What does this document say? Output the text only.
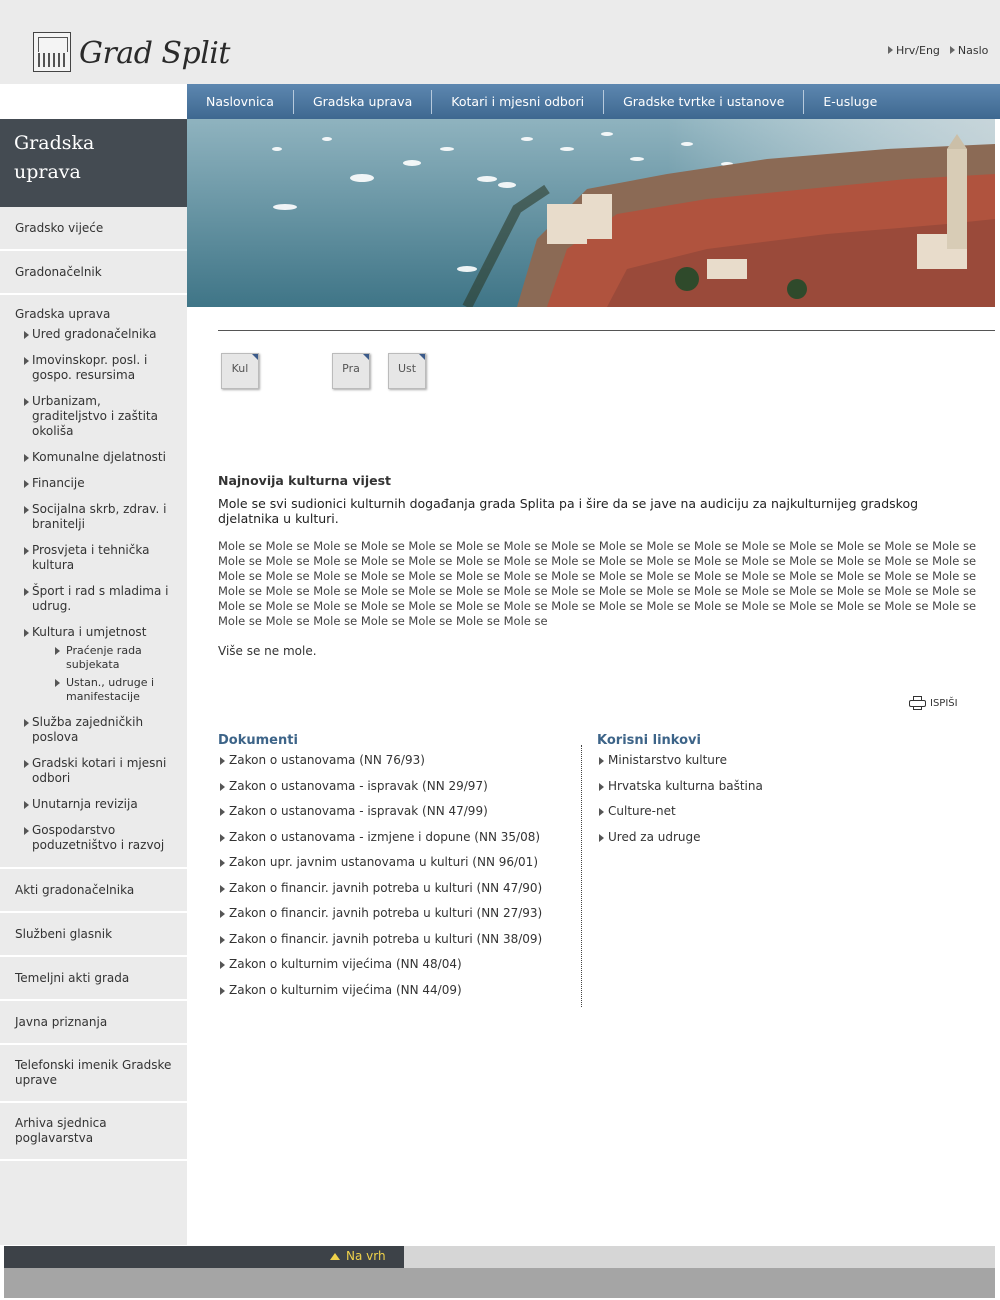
Grad Split	Hrv/Eng	Naslo
Naslovnica	Gradska uprava	Kotari i mjesni odbori	Gradske tvrtke i ustanove	E-usluge
Gradska
uprava
Gradsko vijeće
Gradonačelnik
Gradska uprava
Ured gradonačelnika
Imovinskopr. posl. i gospo. resursima
Urbanizam, graditeljstvo i zaštita okoliša
Komunalne djelatnosti
Financije
Socijalna skrb, zdrav. i branitelji
Prosvjeta i tehnička kultura
Šport i rad s mladima i udrug.
Kultura i umjetnost
Praćenje rada subjekata
Ustan., udruge i manifestacije
Služba zajedničkih poslova
Gradski kotari i mjesni odbori
Unutarnja revizija
Gospodarstvo poduzetništvo i razvoj
Akti gradonačelnika
Službeni glasnik
Temeljni akti grada
Javna priznanja
Telefonski imenik Gradske uprave
Arhiva sjednica poglavarstva
Kul	Pra	Ust
Najnovija kulturna vijest
Mole se svi sudionici kulturnih događanja grada Splita pa i šire da se jave na audiciju za najkulturnijeg gradskog djelatnika u kulturi.
Mole se Mole se Mole se Mole se Mole se Mole se Mole se Mole se Mole se Mole se Mole se Mole se Mole se Mole se Mole se Mole se Mole se Mole se Mole se Mole se Mole se Mole se Mole se Mole se Mole se Mole se Mole se Mole se Mole se Mole se Mole se Mole se Mole se Mole se Mole se Mole se Mole se Mole se Mole se Mole se Mole se Mole se Mole se Mole se Mole se Mole se Mole se Mole se Mole se Mole se Mole se Mole se Mole se Mole se Mole se Mole se Mole se Mole se Mole se Mole se Mole se Mole se Mole se Mole se Mole se Mole se Mole se Mole se Mole se Mole se Mole se Mole se Mole se Mole se Mole se Mole se Mole se Mole se Mole se Mole se Mole se Mole se Mole se Mole se Mole se Mole se Mole se
Više se ne mole.
ISPIŠI
Dokumenti	Korisni linkovi
Zakon o ustanovama (NN 76/93)
Zakon o ustanovama - ispravak (NN 29/97)
Zakon o ustanovama - ispravak (NN 47/99)
Zakon o ustanovama - izmjene i dopune (NN 35/08)
Zakon upr. javnim ustanovama u kulturi (NN 96/01)
Zakon o financir. javnih potreba u kulturi (NN 47/90)
Zakon o financir. javnih potreba u kulturi (NN 27/93)
Zakon o financir. javnih potreba u kulturi (NN 38/09)
Zakon o kulturnim vijećima (NN 48/04)
Zakon o kulturnim vijećima (NN 44/09)
Ministarstvo kulture
Hrvatska kulturna baština
Culture-net
Ured za udruge
Na vrh
